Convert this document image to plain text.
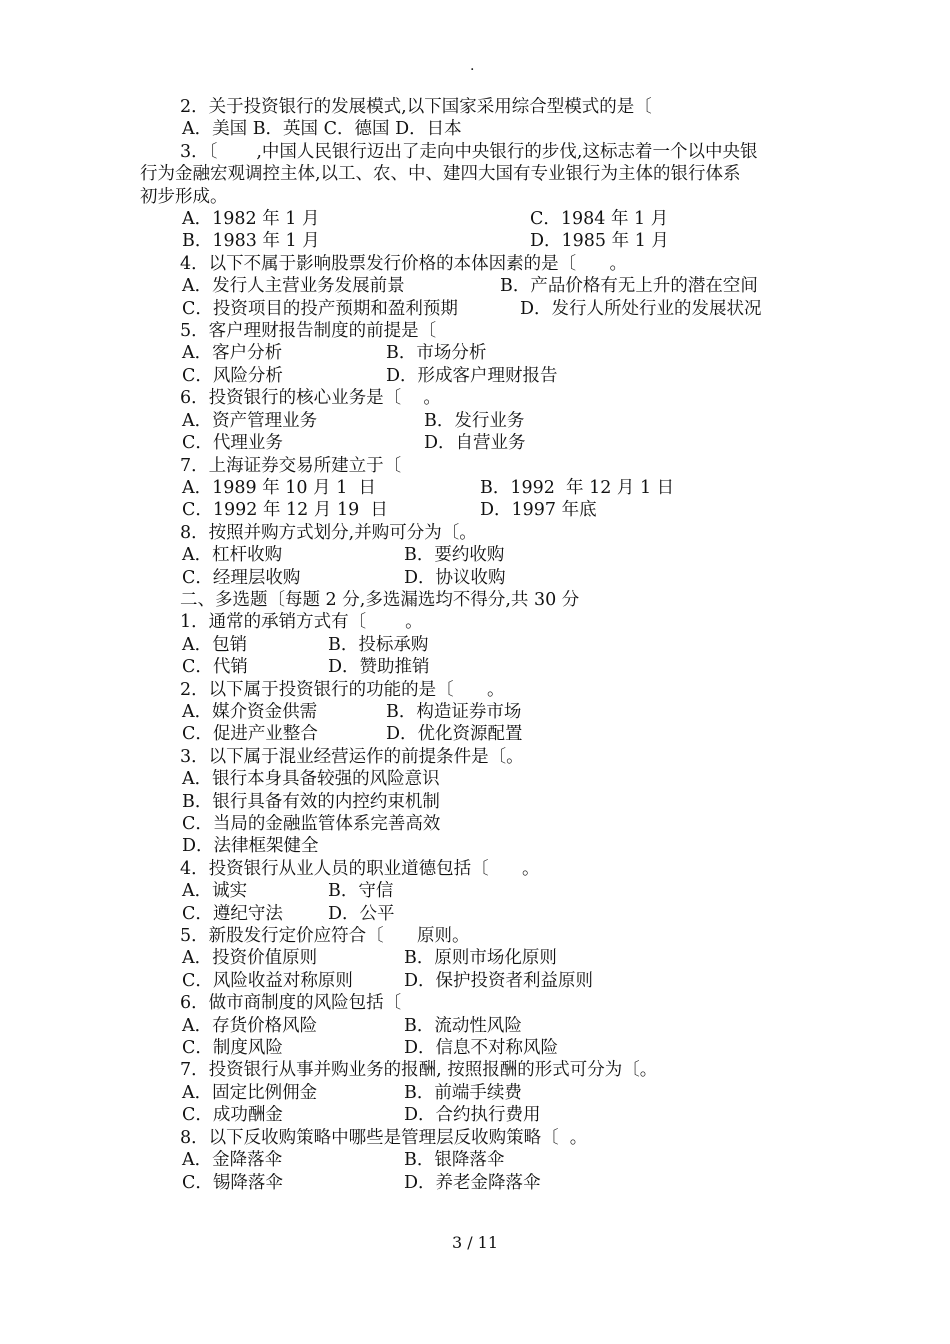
.
2．关于投资银行的发展模式,以下国家采用综合型模式的是〔
A．美国 B．英国 C．德国 D．日本
3．〔       ,中国人民银行迈出了走向中央银行的步伐,这标志着一个以中央银
行为金融宏观调控主体,以工、农、中、建四大国有专业银行为主体的银行体系
初步形成。
A．1982 年 1 月	C．1984 年 1 月
B．1983 年 1 月	D．1985 年 1 月
4．以下不属于影响股票发行价格的本体因素的是〔      。
A．发行人主营业务发展前景	B．产品价格有无上升的潜在空间
C．投资项目的投产预期和盈利预期	D．发行人所处行业的发展状况
5．客户理财报告制度的前提是〔
A．客户分析	B．市场分析
C．风险分析	D．形成客户理财报告
6．投资银行的核心业务是〔    。
A．资产管理业务	B．发行业务
C．代理业务	D．自营业务
7．上海证券交易所建立于〔
A．1989 年 10 月 1  日	B．1992  年 12 月 1 日
C．1992 年 12 月 19  日	D．1997 年底
8．按照并购方式划分,并购可分为〔。
A．杠杆收购	B．要约收购
C．经理层收购	D．协议收购
二、多选题〔每题 2 分,多选漏选均不得分,共 30 分
1．通常的承销方式有〔       。
A．包销	B．投标承购
C．代销	D．赞助推销
2．以下属于投资银行的功能的是〔      。
A．媒介资金供需	B．构造证券市场
C．促进产业整合	D．优化资源配置
3．以下属于混业经营运作的前提条件是〔。
A．银行本身具备较强的风险意识
B．银行具备有效的内控约束机制
C．当局的金融监管体系完善高效
D．法律框架健全
4．投资银行从业人员的职业道德包括〔      。
A．诚实	B．守信
C．遵纪守法	D．公平
5．新股发行定价应符合〔      原则。
A．投资价值原则	B．原则市场化原则
C．风险收益对称原则	D．保护投资者利益原则
6．做市商制度的风险包括〔
A．存货价格风险	B．流动性风险
C．制度风险	D．信息不对称风险
7．投资银行从事并购业务的报酬, 按照报酬的形式可分为〔。
A．固定比例佣金	B．前端手续费
C．成功酬金	D．合约执行费用
8．以下反收购策略中哪些是管理层反收购策略〔  。
A．金降落伞	B．银降落伞
C．锡降落伞	D．养老金降落伞
3 / 11
